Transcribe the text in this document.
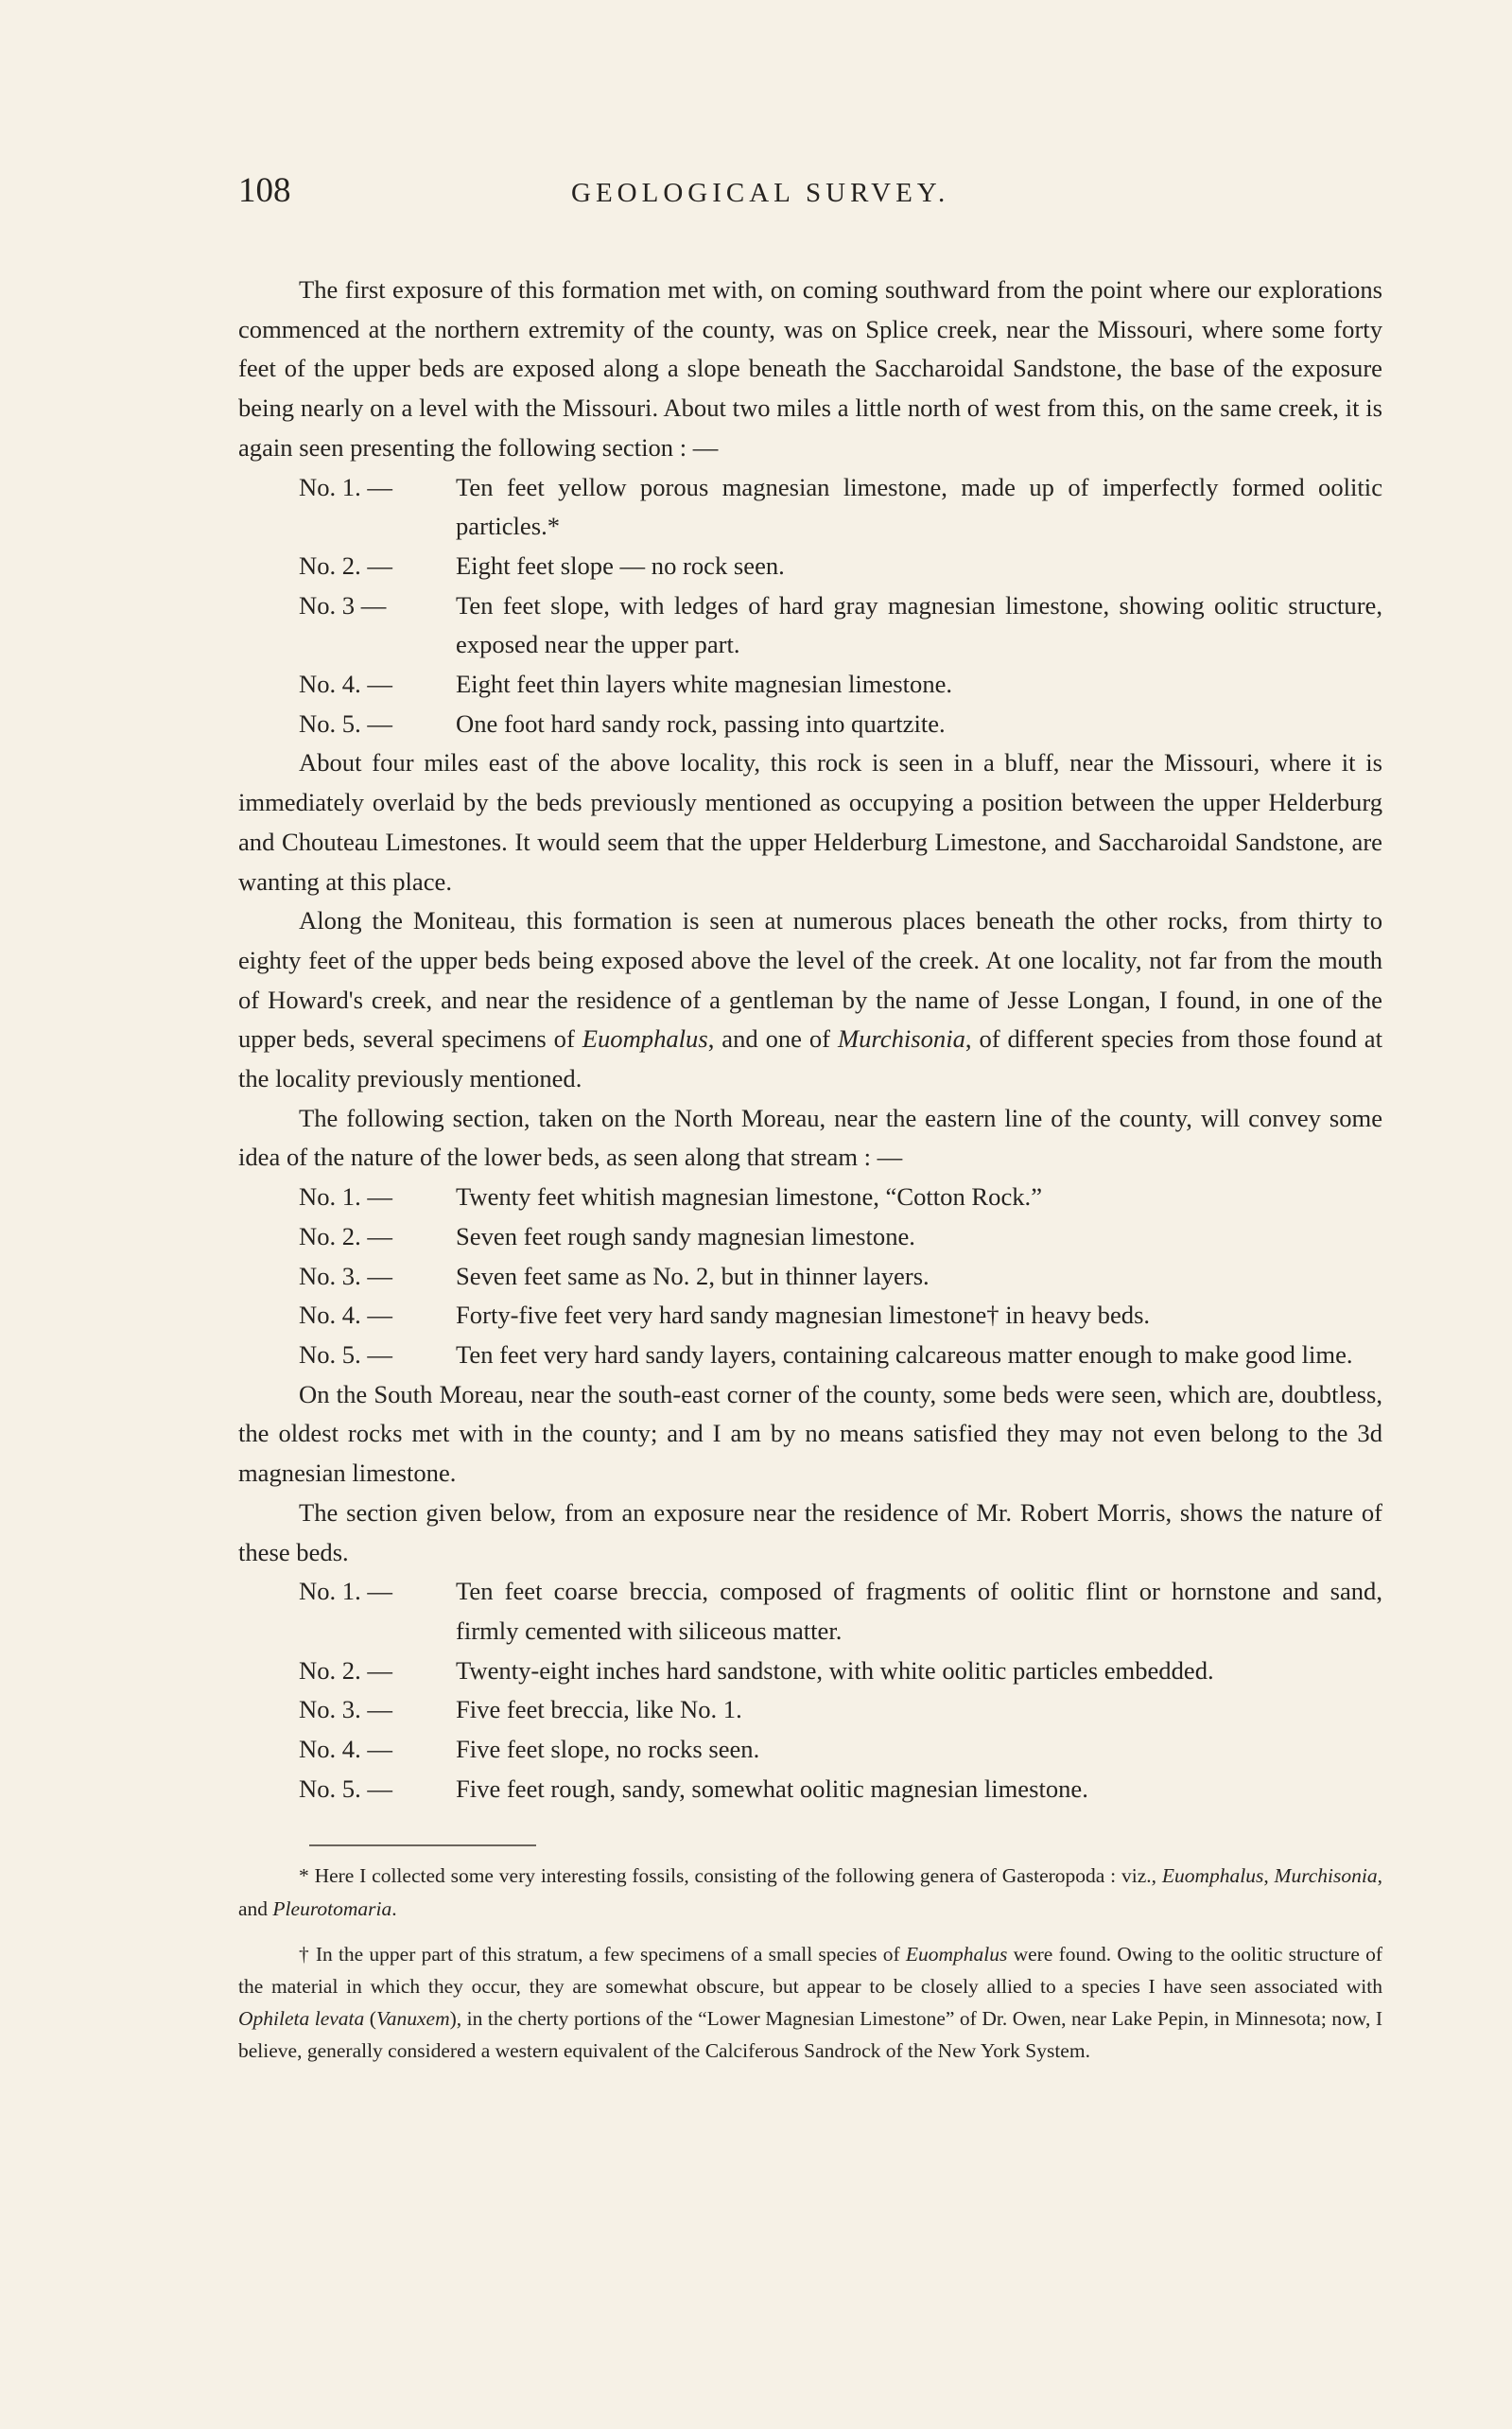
108	GEOLOGICAL SURVEY.

The first exposure of this formation met with, on coming southward from the point where our explorations commenced at the northern extremity of the county, was on Splice creek, near the Missouri, where some forty feet of the upper beds are exposed along a slope beneath the Saccharoidal Sandstone, the base of the exposure being nearly on a level with the Missouri. About two miles a little north of west from this, on the same creek, it is again seen presenting the following section : —

No. 1. —	Ten feet yellow porous magnesian limestone, made up of imperfectly formed oolitic particles.*
No. 2. —	Eight feet slope — no rock seen.
No. 3 —	Ten feet slope, with ledges of hard gray magnesian limestone, showing oolitic structure, exposed near the upper part.
No. 4. —	Eight feet thin layers white magnesian limestone.
No. 5. —	One foot hard sandy rock, passing into quartzite.

About four miles east of the above locality, this rock is seen in a bluff, near the Missouri, where it is immediately overlaid by the beds previously mentioned as occupying a position between the upper Helderburg and Chouteau Limestones. It would seem that the upper Helderburg Limestone, and Saccharoidal Sandstone, are wanting at this place.

Along the Moniteau, this formation is seen at numerous places beneath the other rocks, from thirty to eighty feet of the upper beds being exposed above the level of the creek. At one locality, not far from the mouth of Howard's creek, and near the residence of a gentleman by the name of Jesse Longan, I found, in one of the upper beds, several specimens of Euomphalus, and one of Murchisonia, of different species from those found at the locality previously mentioned.

The following section, taken on the North Moreau, near the eastern line of the county, will convey some idea of the nature of the lower beds, as seen along that stream : —

No. 1. —	Twenty feet whitish magnesian limestone, “Cotton Rock.”
No. 2. —	Seven feet rough sandy magnesian limestone.
No. 3. —	Seven feet same as No. 2, but in thinner layers.
No. 4. —	Forty-five feet very hard sandy magnesian limestone† in heavy beds.
No. 5. —	Ten feet very hard sandy layers, containing calcareous matter enough to make good lime.

On the South Moreau, near the south-east corner of the county, some beds were seen, which are, doubtless, the oldest rocks met with in the county; and I am by no means satisfied they may not even belong to the 3d magnesian limestone.

The section given below, from an exposure near the residence of Mr. Robert Morris, shows the nature of these beds.

No. 1. —	Ten feet coarse breccia, composed of fragments of oolitic flint or hornstone and sand, firmly cemented with siliceous matter.
No. 2. —	Twenty-eight inches hard sandstone, with white oolitic particles embedded.
No. 3. —	Five feet breccia, like No. 1.
No. 4. —	Five feet slope, no rocks seen.
No. 5. —	Five feet rough, sandy, somewhat oolitic magnesian limestone.

* Here I collected some very interesting fossils, consisting of the following genera of Gasteropoda : viz., Euomphalus, Murchisonia, and Pleurotomaria.

† In the upper part of this stratum, a few specimens of a small species of Euomphalus were found. Owing to the oolitic structure of the material in which they occur, they are somewhat obscure, but appear to be closely allied to a species I have seen associated with Ophileta levata (Vanuxem), in the cherty portions of the “Lower Magnesian Limestone” of Dr. Owen, near Lake Pepin, in Minnesota; now, I believe, generally considered a western equivalent of the Calciferous Sandrock of the New York System.
